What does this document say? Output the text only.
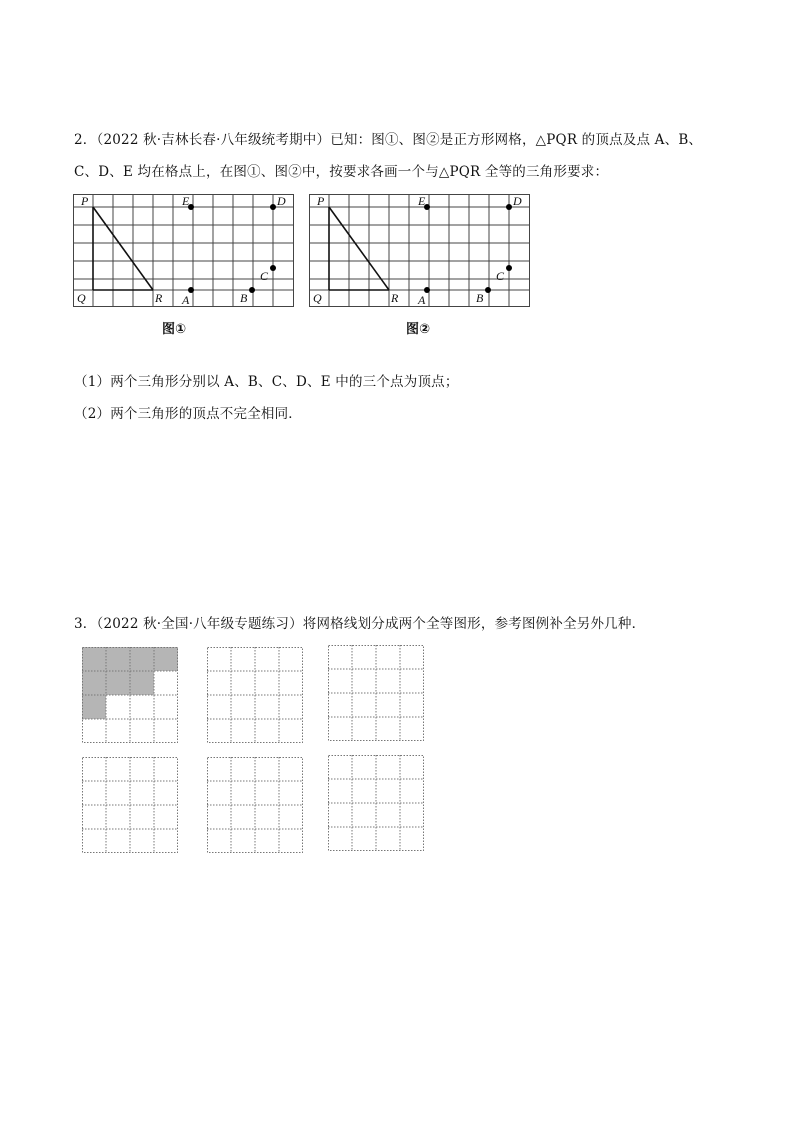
2．（2022 秋·吉林长春·八年级统考期中）已知：图①、图②是正方形网格，△PQR 的顶点及点 A、B、
C、D、E 均在格点上，在图①、图②中，按要求各画一个与△PQR 全等的三角形要求：
P
Q	R
E	D
C
B
A
图①
P
Q	R
E	D
C
B
A
图②
（1）两个三角形分别以 A、B、C、D、E 中的三个点为顶点；
（2）两个三角形的顶点不完全相同．
3．（2022 秋·全国·八年级专题练习）将网格线划分成两个全等图形，参考图例补全另外几种．
